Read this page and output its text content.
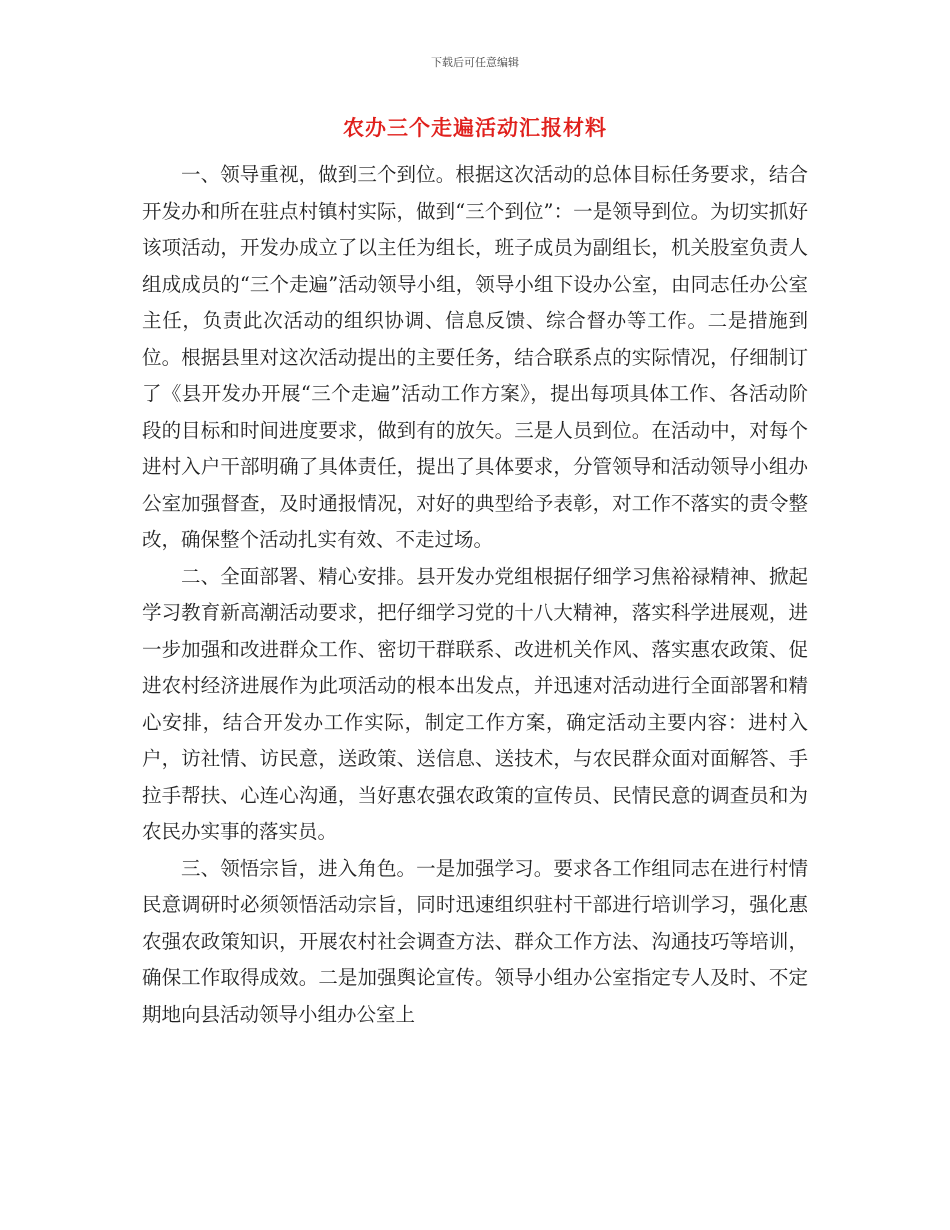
下载后可任意编辑
农办三个走遍活动汇报材料

一、领导重视，做到三个到位。根据这次活动的总体目标任务要求，结合开发办和所在驻点村镇村实际，做到“三个到位”：一是领导到位。为切实抓好该项活动，开发办成立了以主任为组长，班子成员为副组长，机关股室负责人组成成员的“三个走遍”活动领导小组，领导小组下设办公室，由同志任办公室主任，负责此次活动的组织协调、信息反馈、综合督办等工作。二是措施到位。根据县里对这次活动提出的主要任务，结合联系点的实际情况，仔细制订了《县开发办开展“三个走遍”活动工作方案》，提出每项具体工作、各活动阶段的目标和时间进度要求，做到有的放矢。三是人员到位。在活动中，对每个进村入户干部明确了具体责任，提出了具体要求，分管领导和活动领导小组办公室加强督查，及时通报情况，对好的典型给予表彰，对工作不落实的责令整改，确保整个活动扎实有效、不走过场。

二、全面部署、精心安排。县开发办党组根据仔细学习焦裕禄精神、掀起学习教育新高潮活动要求，把仔细学习党的十八大精神，落实科学进展观，进一步加强和改进群众工作、密切干群联系、改进机关作风、落实惠农政策、促进农村经济进展作为此项活动的根本出发点，并迅速对活动进行全面部署和精心安排，结合开发办工作实际，制定工作方案，确定活动主要内容：进村入户，访社情、访民意，送政策、送信息、送技术，与农民群众面对面解答、手拉手帮扶、心连心沟通，当好惠农强农政策的宣传员、民情民意的调查员和为农民办实事的落实员。

三、领悟宗旨，进入角色。一是加强学习。要求各工作组同志在进行村情民意调研时必须领悟活动宗旨，同时迅速组织驻村干部进行培训学习，强化惠农强农政策知识，开展农村社会调查方法、群众工作方法、沟通技巧等培训，确保工作取得成效。二是加强舆论宣传。领导小组办公室指定专人及时、不定期地向县活动领导小组办公室上
